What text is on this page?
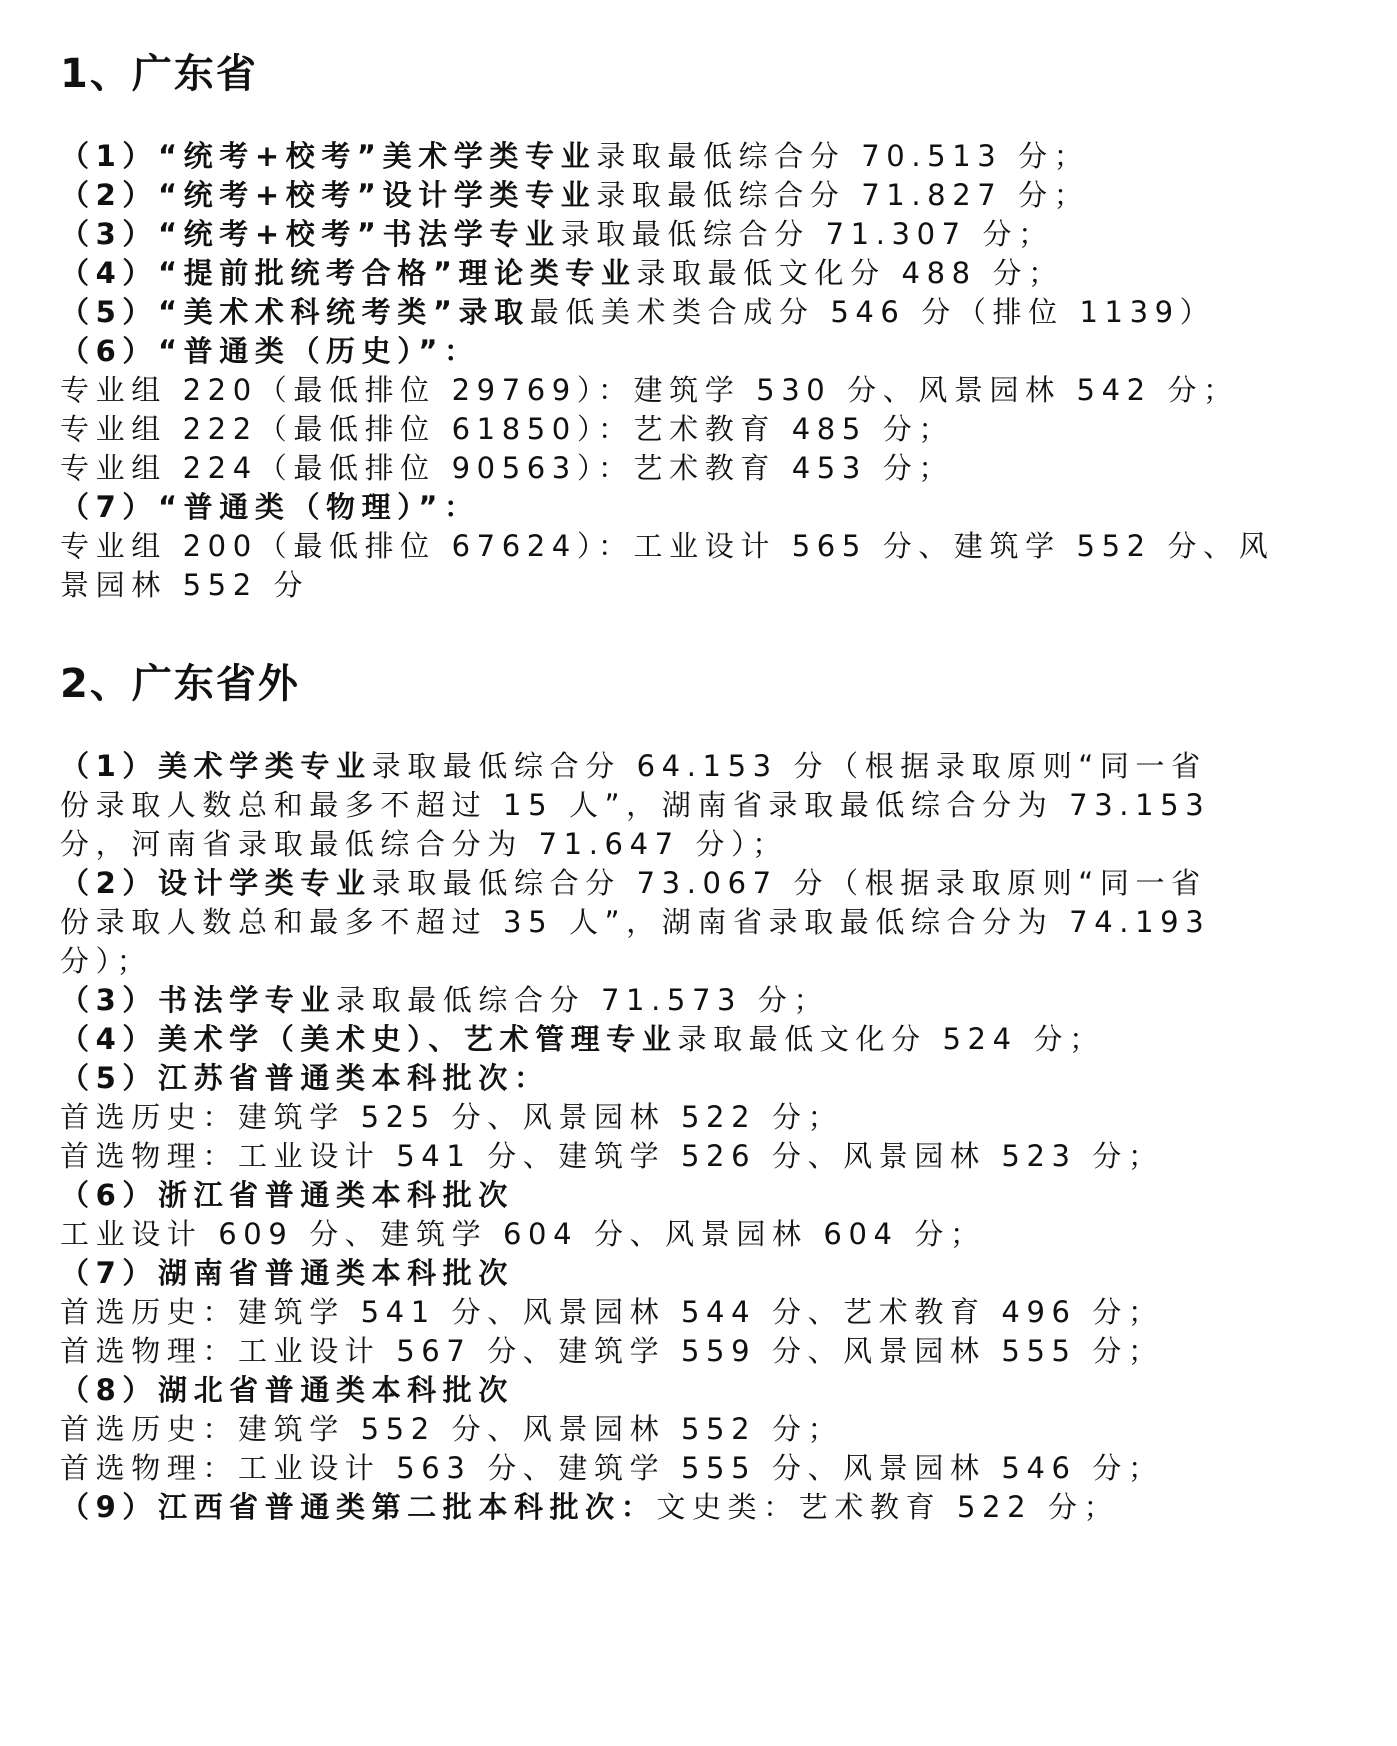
1、广东省
（1）“统考+校考”美术学类专业录取最低综合分 70.513 分；
（2）“统考+校考”设计学类专业录取最低综合分 71.827 分；
（3）“统考+校考”书法学专业录取最低综合分 71.307 分；
（4）“提前批统考合格”理论类专业录取最低文化分 488 分；
（5）“美术术科统考类”录取最低美术类合成分 546 分（排位 1139）
（6）“普通类（历史）”：
专业组 220（最低排位 29769）：建筑学 530 分、风景园林 542 分；
专业组 222（最低排位 61850）：艺术教育 485 分；
专业组 224（最低排位 90563）：艺术教育 453 分；
（7）“普通类（物理）”：
专业组 200（最低排位 67624）：工业设计 565 分、建筑学 552 分、风
景园林 552 分
2、广东省外
（1）美术学类专业录取最低综合分 64.153 分（根据录取原则“同一省
份录取人数总和最多不超过 15 人”，湖南省录取最低综合分为 73.153
分，河南省录取最低综合分为 71.647 分）；
（2）设计学类专业录取最低综合分 73.067 分（根据录取原则“同一省
份录取人数总和最多不超过 35 人”，湖南省录取最低综合分为 74.193
分）；
（3）书法学专业录取最低综合分 71.573 分；
（4）美术学（美术史）、艺术管理专业录取最低文化分 524 分；
（5）江苏省普通类本科批次：
首选历史：建筑学 525 分、风景园林 522 分；
首选物理：工业设计 541 分、建筑学 526 分、风景园林 523 分；
（6）浙江省普通类本科批次
工业设计 609 分、建筑学 604 分、风景园林 604 分；
（7）湖南省普通类本科批次
首选历史：建筑学 541 分、风景园林 544 分、艺术教育 496 分；
首选物理：工业设计 567 分、建筑学 559 分、风景园林 555 分；
（8）湖北省普通类本科批次
首选历史：建筑学 552 分、风景园林 552 分；
首选物理：工业设计 563 分、建筑学 555 分、风景园林 546 分；
（9）江西省普通类第二批本科批次：文史类：艺术教育 522 分；
